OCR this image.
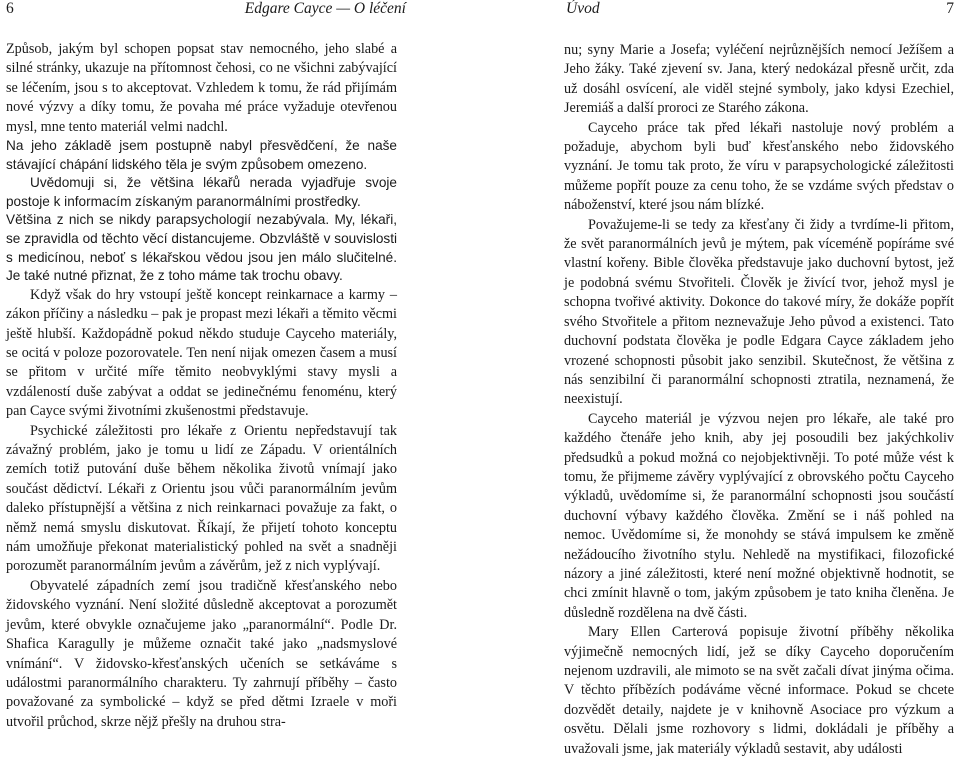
6	Edgare Cayce — O léčení

Způsob, jakým byl schopen popsat stav nemocného, jeho slabé a silné stránky, ukazuje na přítomnost čehosi, co ne všichni zabývající se léčením, jsou s to akceptovat. Vzhledem k tomu, že rád přijímám nové výzvy a díky tomu, že povaha mé práce vyžaduje otevřenou mysl, mne tento materiál velmi nadchl.

Na jeho základě jsem postupně nabyl přesvědčení, že naše stávající chápání lidského těla je svým způsobem omezeno.

Uvědomuji si, že většina lékařů nerada vyjadřuje svoje postoje k informacím získaným paranormálními prostředky.

Většina z nich se nikdy parapsychologií nezabývala. My, lékaři, se zpravidla od těchto věcí distancujeme. Obzvláště v souvislosti s medicínou, neboť s lékařskou vědou jsou jen málo slučitelné. Je také nutné přiznat, že z toho máme tak trochu obavy.

Když však do hry vstoupí ještě koncept reinkarnace a karmy – zákon příčiny a následku – pak je propast mezi lékaři a těmito věcmi ještě hlubší. Každopádně pokud někdo studuje Cayceho materiály, se ocitá v poloze pozorovatele. Ten není nijak omezen časem a musí se přitom v určité míře těmito neobvyklými stavy mysli a vzdáleností duše zabývat a oddat se jedinečnému fenoménu, který pan Cayce svými životními zkušenostmi představuje.

Psychické záležitosti pro lékaře z Orientu nepředstavují tak závažný problém, jako je tomu u lidí ze Západu. V orientálních zemích totiž putování duše během několika životů vnímají jako součást dědictví. Lékaři z Orientu jsou vůči paranormálním jevům daleko přístupnější a většina z nich reinkarnaci považuje za fakt, o němž nemá smyslu diskutovat. Říkají, že přijetí tohoto konceptu nám umožňuje překonat materialistický pohled na svět a snadněji porozumět paranormálním jevům a závěrům, jež z nich vyplývají.

Obyvatelé západních zemí jsou tradičně křesťanského nebo židovského vyznání. Není složité důsledně akceptovat a porozumět jevům, které obvykle označujeme jako „paranormální“. Podle Dr. Shafica Karagully je můžeme označit také jako „nadsmyslové vnímání“. V židovsko-křesťanských učeních se setkáváme s událostmi paranormálního charakteru. Ty zahrnují příběhy – často považované za symbolické – když se před dětmi Izraele v moři utvořil průchod, skrze nějž přešly na druhou stra-

Úvod	7

nu; syny Marie a Josefa; vyléčení nejrůznějších nemocí Ježíšem a Jeho žáky. Také zjevení sv. Jana, který nedokázal přesně určit, zda už dosáhl osvícení, ale viděl stejné symboly, jako kdysi Ezechiel, Jeremiáš a další proroci ze Starého zákona.

Cayceho práce tak před lékaři nastoluje nový problém a požaduje, abychom byli buď křesťanského nebo židovského vyznání. Je tomu tak proto, že víru v parapsychologické záležitosti můžeme popřít pouze za cenu toho, že se vzdáme svých představ o náboženství, které jsou nám blízké.

Považujeme-li se tedy za křesťany či židy a tvrdíme-li přitom, že svět paranormálních jevů je mýtem, pak víceméně popíráme své vlastní kořeny. Bible člověka představuje jako duchovní bytost, jež je podobná svému Stvořiteli. Člověk je živící tvor, jehož mysl je schopna tvořivé aktivity. Dokonce do takové míry, že dokáže popřít svého Stvořitele a přitom neznevažuje Jeho původ a existenci. Tato duchovní podstata člověka je podle Edgara Cayce základem jeho vrozené schopnosti působit jako senzibil. Skutečnost, že většina z nás senzibilní či paranormální schopnosti ztratila, neznamená, že neexistují.

Cayceho materiál je výzvou nejen pro lékaře, ale také pro každého čtenáře jeho knih, aby jej posoudili bez jakýchkoliv předsudků a pokud možná co nejobjektivněji. To poté může vést k tomu, že přijmeme závěry vyplývající z obrovského počtu Cayceho výkladů, uvědomíme si, že paranormální schopnosti jsou součástí duchovní výbavy každého člověka. Změní se i náš pohled na nemoc. Uvědomíme si, že monohdy se stává impulsem ke změně nežádoucího životního stylu. Nehledě na mystifikaci, filozofické názory a jiné záležitosti, které není možné objektivně hodnotit, se chci zmínit hlavně o tom, jakým způsobem je tato kniha členěna. Je důsledně rozdělena na dvě části.

Mary Ellen Carterová popisuje životní příběhy několika výjimečně nemocných lidí, jež se díky Cayceho doporučením nejenom uzdravili, ale mimoto se na svět začali dívat jinýma očima. V těchto příbězích podáváme věcné informace. Pokud se chcete dozvědět detaily, najdete je v knihovně Asociace pro výzkum a osvětu. Dělali jsme rozhovory s lidmi, dokládali je příběhy a uvažovali jsme, jak materiály výkladů sestavit, aby události
